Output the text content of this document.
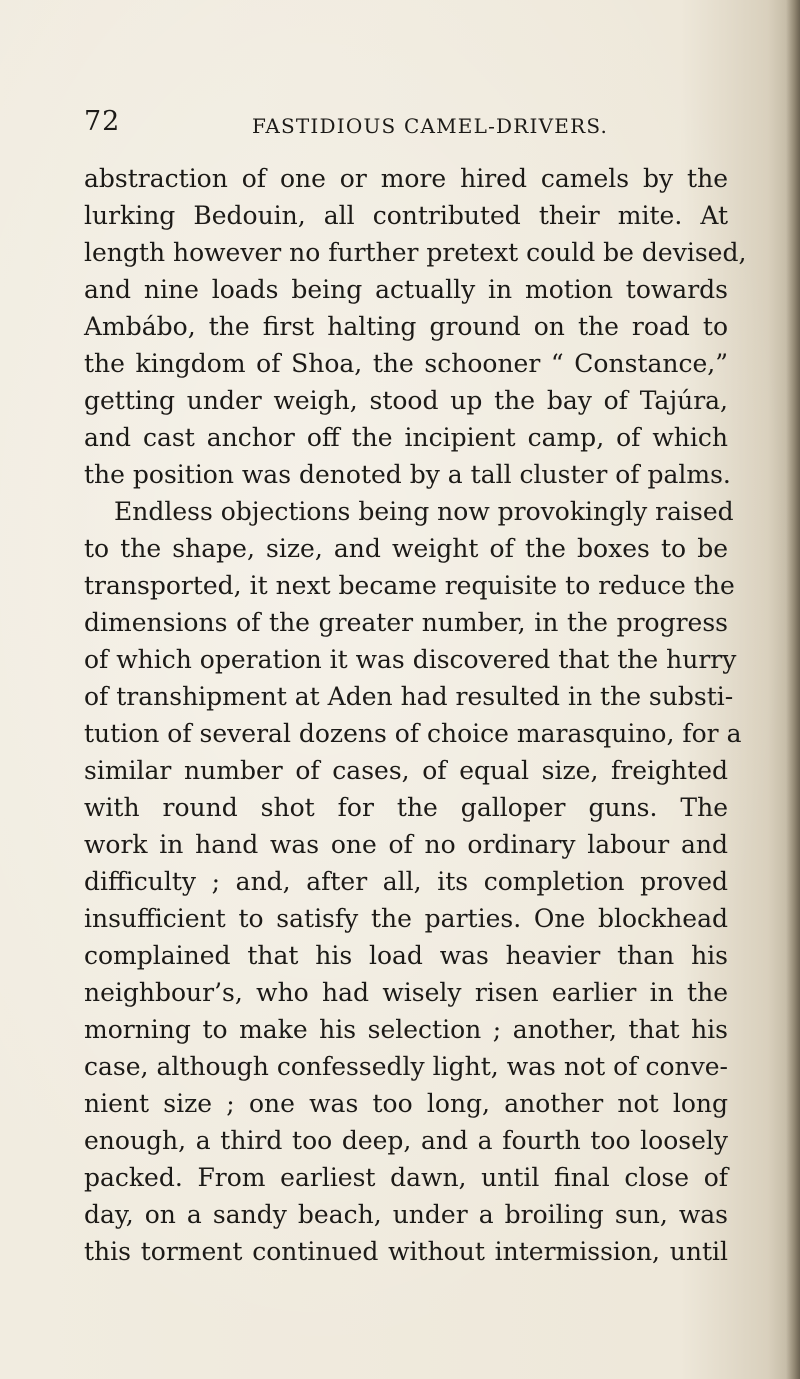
72	FASTIDIOUS CAMEL-DRIVERS.
abstraction of one or more hired camels by the
lurking Bedouin, all contributed their mite. At
length however no further pretext could be devised,
and nine loads being actually in motion towards
Ambábo, the first halting ground on the road to
the kingdom of Shoa, the schooner “ Constance,”
getting under weigh, stood up the bay of Tajúra,
and cast anchor off the incipient camp, of which
the position was denoted by a tall cluster of palms.
Endless objections being now provokingly raised
to the shape, size, and weight of the boxes to be
transported, it next became requisite to reduce the
dimensions of the greater number, in the progress
of which operation it was discovered that the hurry
of transhipment at Aden had resulted in the substi-
tution of several dozens of choice marasquino, for a
similar number of cases, of equal size, freighted
with round shot for the galloper guns. The
work in hand was one of no ordinary labour and
difficulty ; and, after all, its completion proved
insufficient to satisfy the parties. One blockhead
complained that his load was heavier than his
neighbour’s, who had wisely risen earlier in the
morning to make his selection ; another, that his
case, although confessedly light, was not of conve-
nient size ; one was too long, another not long
enough, a third too deep, and a fourth too loosely
packed. From earliest dawn, until final close of
day, on a sandy beach, under a broiling sun, was
this torment continued without intermission, until
